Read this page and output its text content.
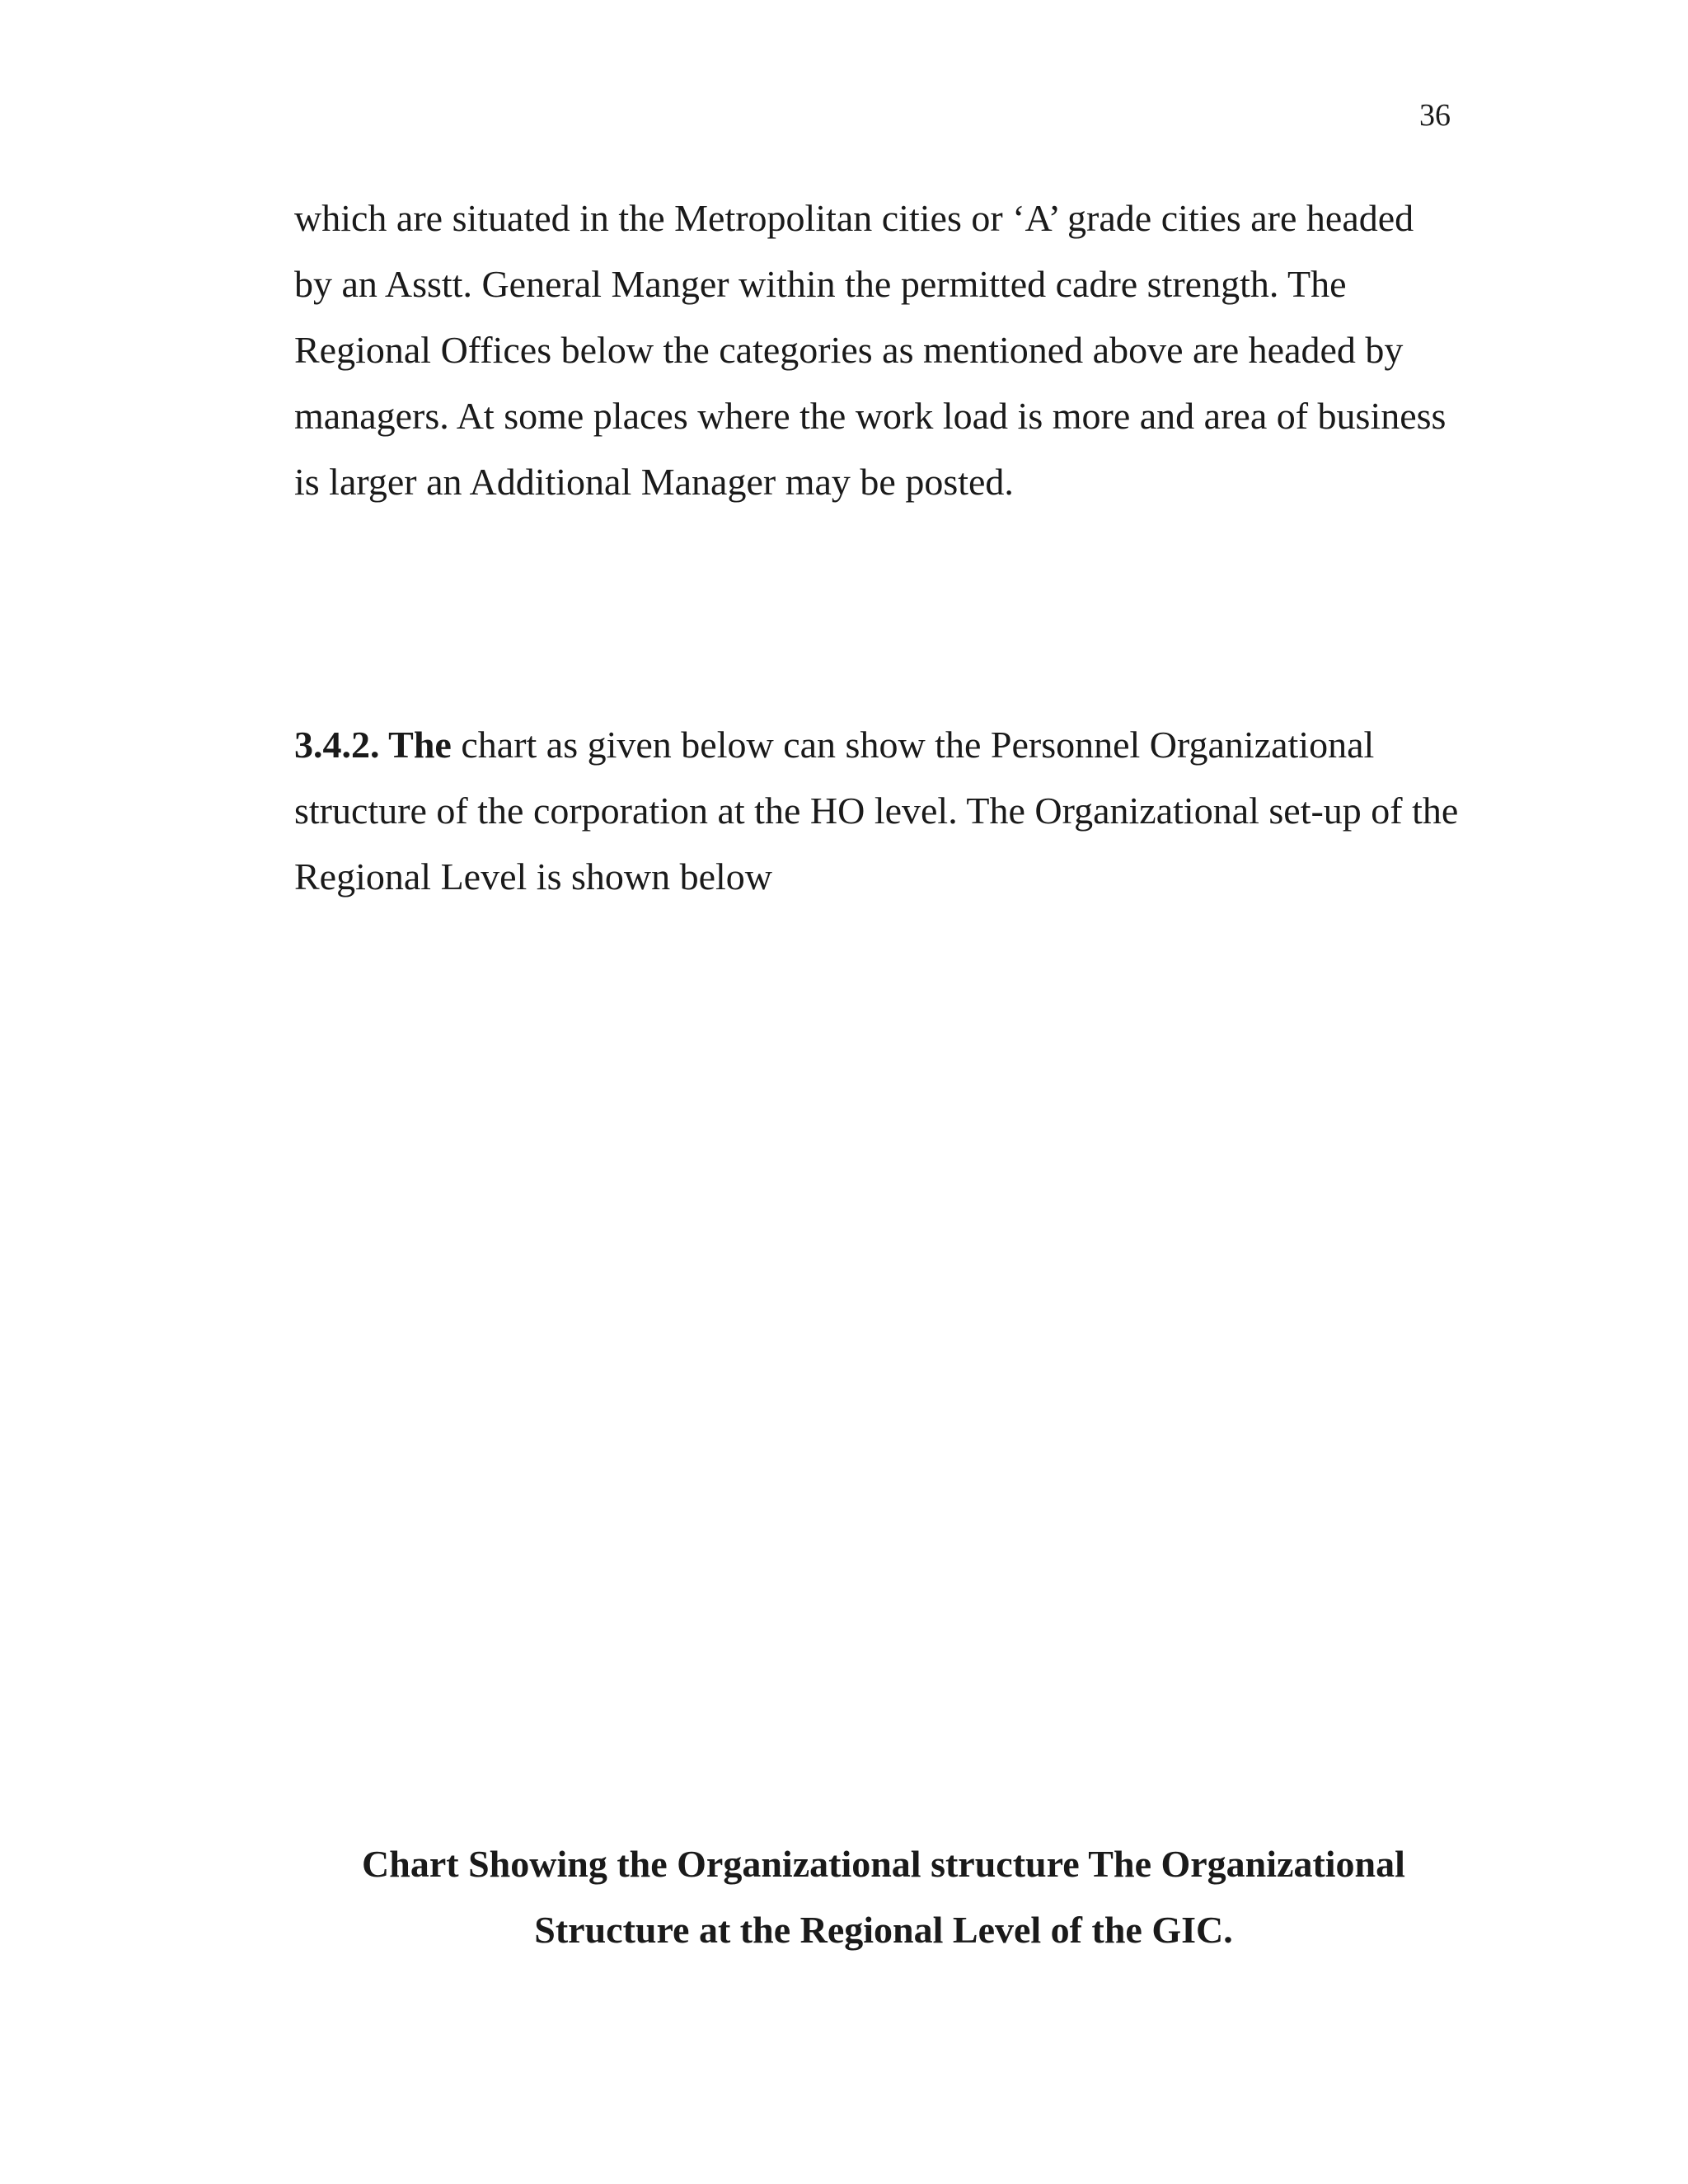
36

which are situated in the Metropolitan cities or ‘A’ grade cities are headed
by an Asstt. General Manger within the permitted cadre strength. The
Regional Offices below the categories as mentioned above are headed by
managers. At some places where the work load is more and area of business
is larger an Additional Manager may be posted.

3.4.2. The chart as given below can show the Personnel Organizational
structure of the corporation at the HO level. The Organizational set-up of the
Regional Level is shown below

Chart Showing the Organizational structure The Organizational
Structure at the Regional Level of the GIC.
